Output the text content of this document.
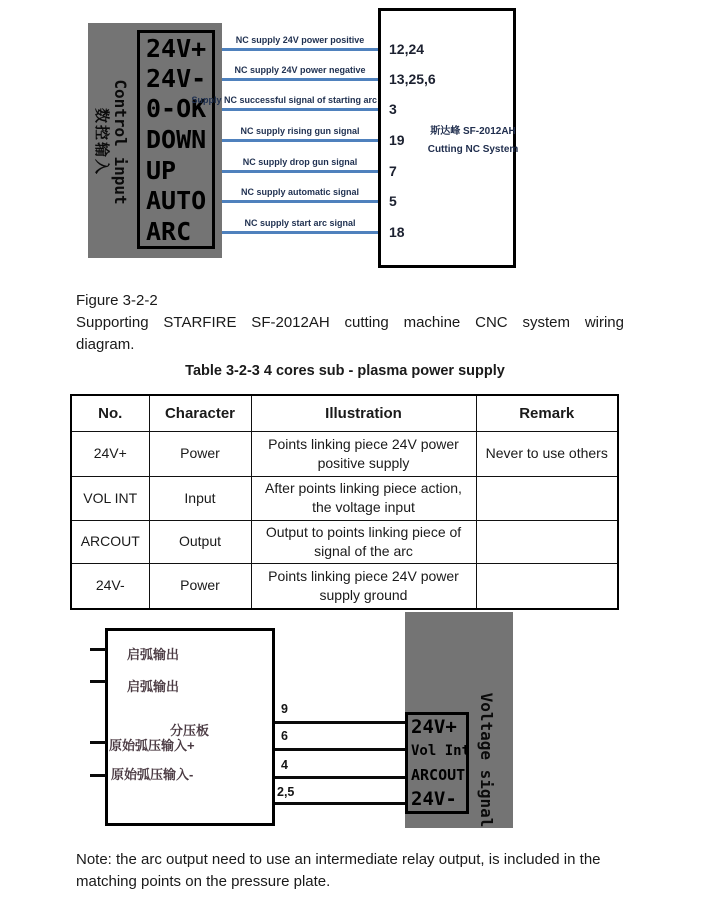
Control input
数控输入
24V+
24V-
0-OK
DOWN
UP
AUTO
ARC
NC supply 24V power positive
NC supply 24V power negative
Supply NC successful signal of starting arc
NC supply rising gun signal
NC supply drop gun signal
NC supply automatic signal
NC supply start arc signal
12,24
13,25,6
3
19
7
5
18
斯达峰 SF-2012AH
Cutting NC System
Figure 3-2-2
Supporting STARFIRE SF-2012AH cutting machine CNC system wiring
diagram.
Table 3-2-3 4 cores sub - plasma power supply
No.	Character	Illustration	Remark
24V+	Power	Points linking piece 24V power positive supply	Never to use others
VOL INT	Input	After points linking piece action, the voltage input	
ARCOUT	Output	Output to points linking piece of signal of the arc	
24V-	Power	Points linking piece 24V power supply ground	
启弧输出
启弧输出
分压板
原始弧压输入+
原始弧压输入-
9
6
4
2,5
24V+
Vol Int
ARCOUT
24V- Voltage signal
Note: the arc output need to use an intermediate relay output, is included in the
matching points on the pressure plate.
